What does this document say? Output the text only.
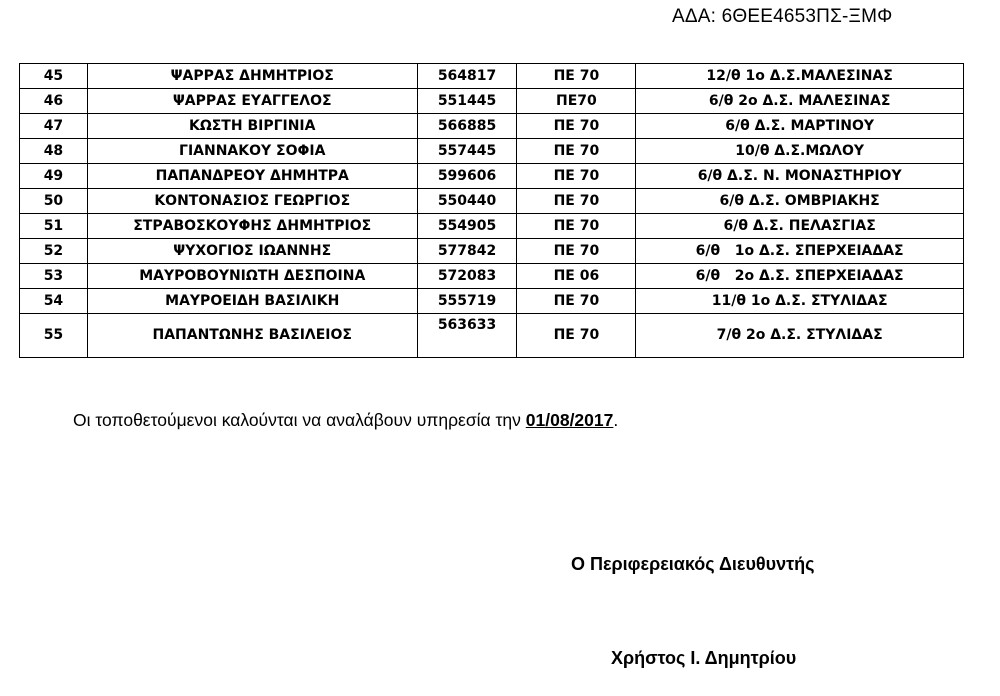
ΑΔΑ: 6ΘΕΕ4653ΠΣ-ΞΜΦ
45	ΨΑΡΡΑΣ ΔΗΜΗΤΡΙΟΣ	564817	ΠΕ 70	12/θ 1ο Δ.Σ.ΜΑΛΕΣΙΝΑΣ
46	ΨΑΡΡΑΣ ΕΥΑΓΓΕΛΟΣ	551445	ΠΕ70	6/θ 2ο Δ.Σ. ΜΑΛΕΣΙΝΑΣ
47	ΚΩΣΤΗ ΒΙΡΓΙΝΙΑ	566885	ΠΕ 70	6/θ Δ.Σ. ΜΑΡΤΙΝΟΥ
48	ΓΙΑΝΝΑΚΟΥ ΣΟΦΙΑ	557445	ΠΕ 70	10/θ Δ.Σ.ΜΩΛΟΥ
49	ΠΑΠΑΝΔΡΕΟΥ ΔΗΜΗΤΡΑ	599606	ΠΕ 70	6/θ Δ.Σ. Ν. ΜΟΝΑΣΤΗΡΙΟΥ
50	ΚΟΝΤΟΝΑΣΙΟΣ ΓΕΩΡΓΙΟΣ	550440	ΠΕ 70	6/θ Δ.Σ. ΟΜΒΡΙΑΚΗΣ
51	ΣΤΡΑΒΟΣΚΟΥΦΗΣ ΔΗΜΗΤΡΙΟΣ	554905	ΠΕ 70	6/θ Δ.Σ. ΠΕΛΑΣΓΙΑΣ
52	ΨΥΧΟΓΙΟΣ ΙΩΑΝΝΗΣ	577842	ΠΕ 70	6/θ   1ο Δ.Σ. ΣΠΕΡΧΕΙΑΔΑΣ
53	ΜΑΥΡΟΒΟΥΝΙΩΤΗ ΔΕΣΠΟΙΝΑ	572083	ΠΕ 06	6/θ   2ο Δ.Σ. ΣΠΕΡΧΕΙΑΔΑΣ
54	ΜΑΥΡΟΕΙΔΗ ΒΑΣΙΛΙΚΗ	555719	ΠΕ 70	11/θ 1ο Δ.Σ. ΣΤΥΛΙΔΑΣ
55	ΠΑΠΑΝΤΩΝΗΣ ΒΑΣΙΛΕΙΟΣ	563633	ΠΕ 70	7/θ 2ο Δ.Σ. ΣΤΥΛΙΔΑΣ
Οι τοποθετούμενοι καλούνται να αναλάβουν υπηρεσία την 01/08/2017.
Ο Περιφερειακός Διευθυντής
Χρήστος Ι. Δημητρίου
